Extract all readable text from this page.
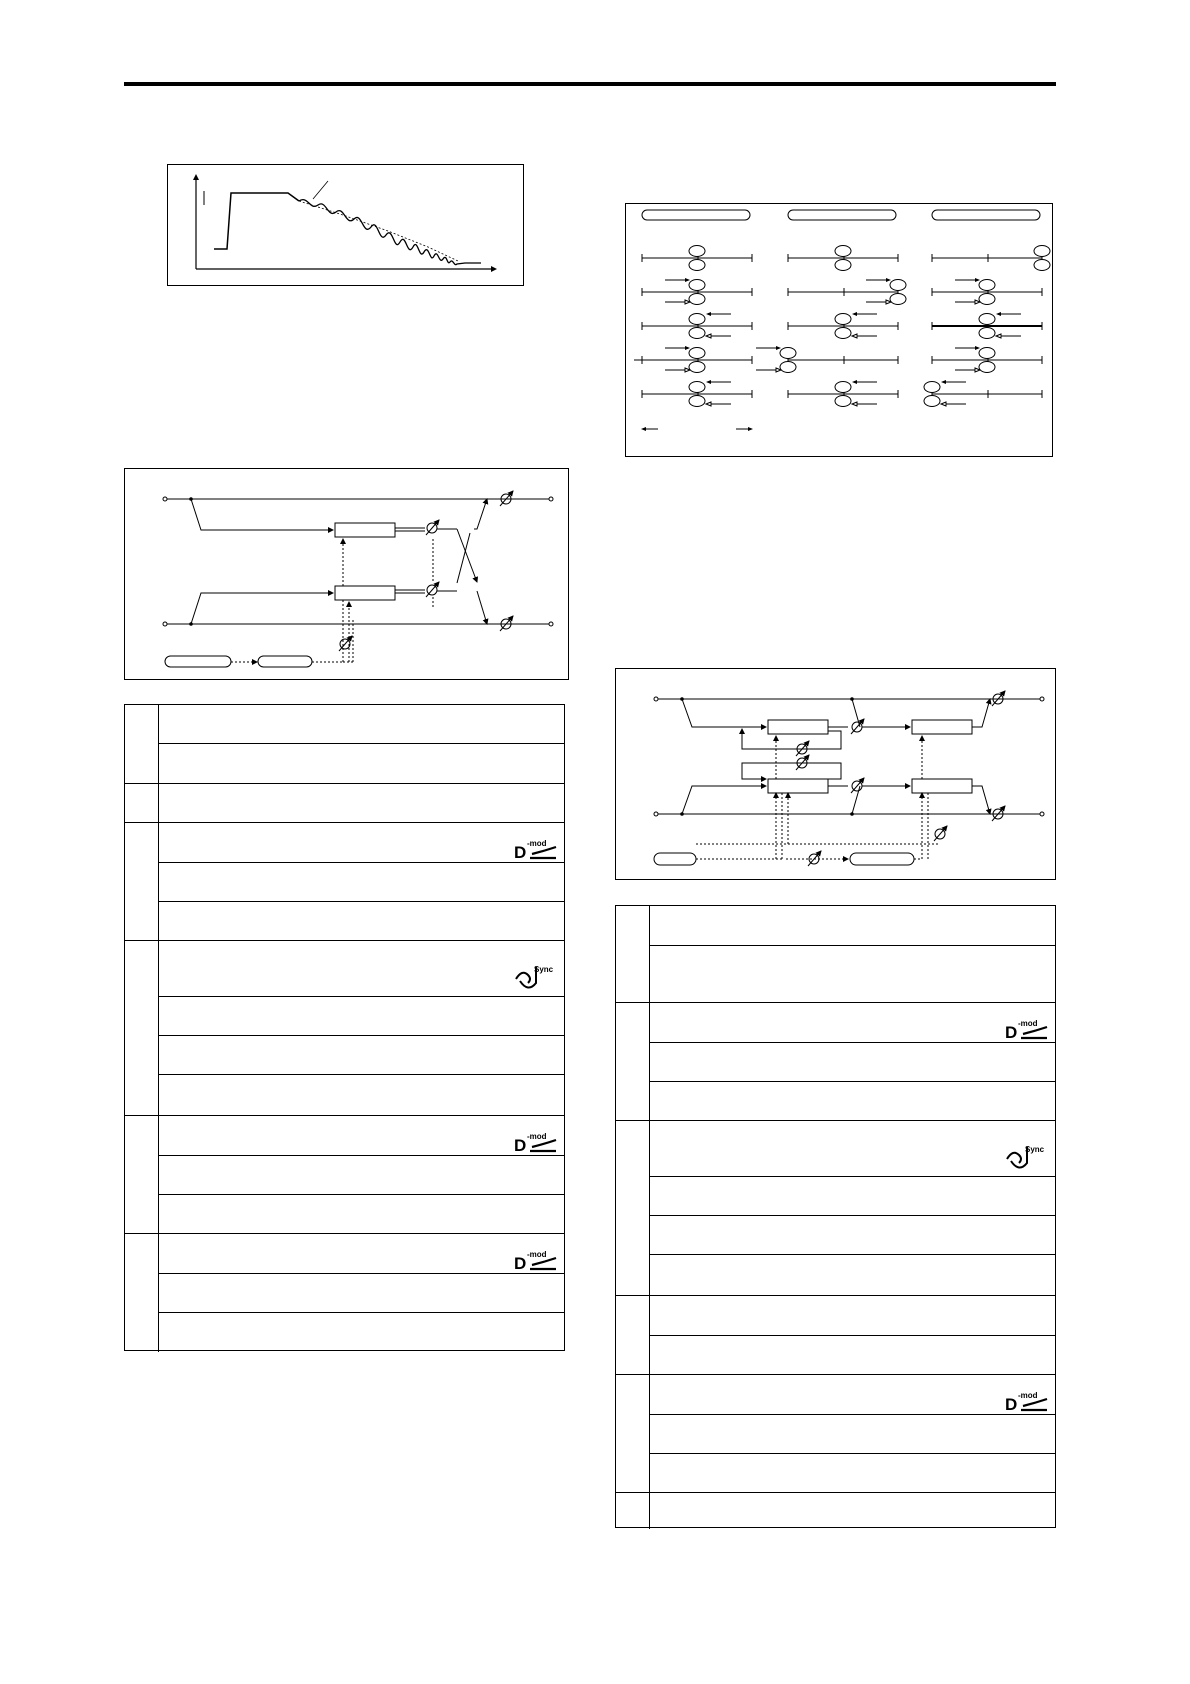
D -mod
Sync
D -mod
D -mod
D -mod
Sync
D -mod
